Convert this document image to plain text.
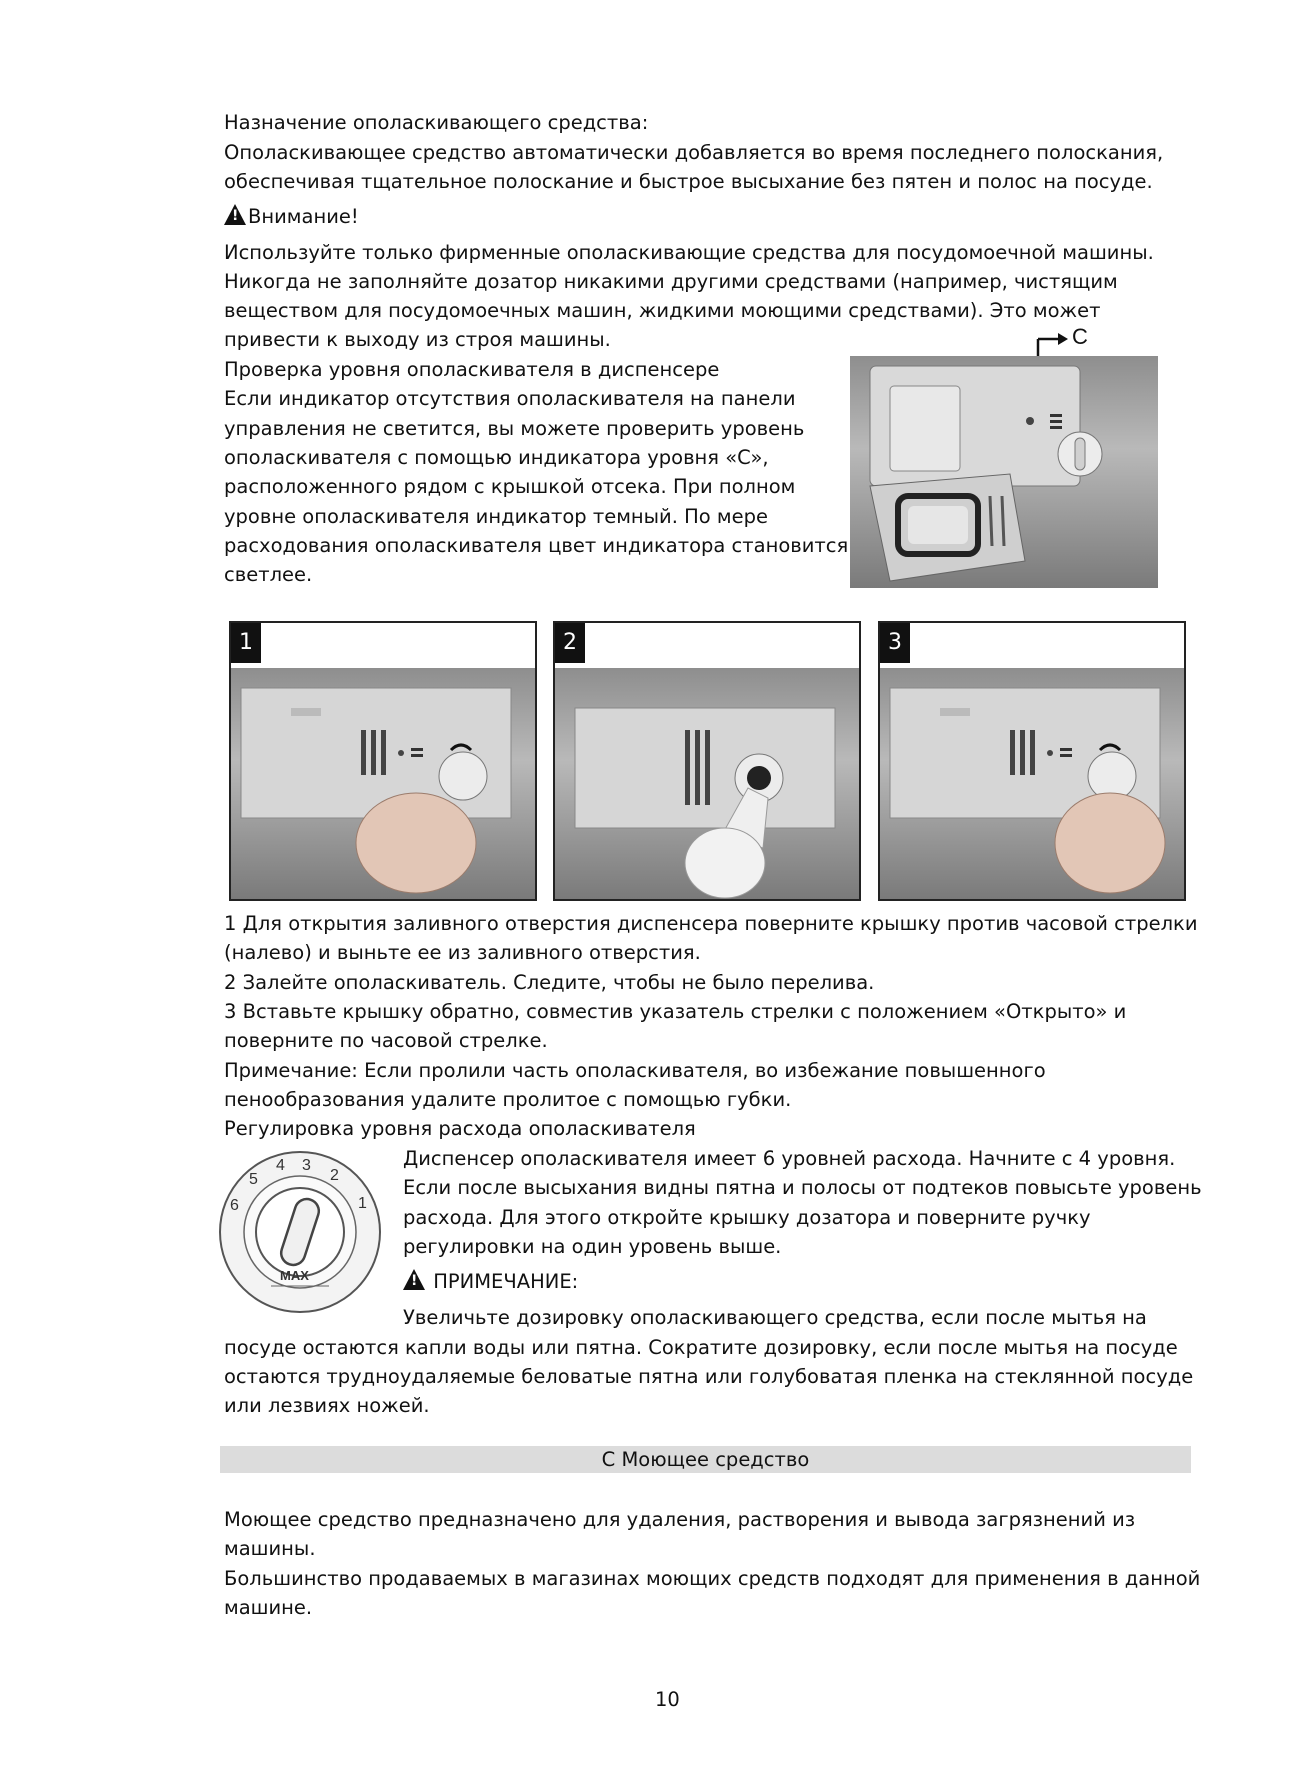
Назначение ополаскивающего средства:
Ополаскивающее средство автоматически добавляется во время последнего полоскания,
обеспечивая тщательное полоскание и быстрое высыхание без пятен и полос на посуде.
!Внимание!
Используйте только фирменные ополаскивающие средства для посудомоечной машины.
Никогда не заполняйте дозатор никакими другими средствами (например, чистящим
веществом для посудомоечных машин, жидкими моющими средствами). Это может
привести к выходу из строя машины.
Проверка уровня ополаскивателя в диспенсере
Если индикатор отсутствия ополаскивателя на панели
управления не светится, вы можете проверить уровень
ополаскивателя с помощью индикатора уровня «C»,
расположенного рядом с крышкой отсека. При полном
уровне ополаскивателя индикатор темный. По мере
расходования ополаскивателя цвет индикатора становится
светлее.
C
1	2	3
1 Для открытия заливного отверстия диспенсера поверните крышку против часовой стрелки
(налево) и выньте ее из заливного отверстия.
2 Залейте ополаскиватель. Следите, чтобы не было перелива.
3 Вставьте крышку обратно, совместив указатель стрелки с положением «Открыто» и
поверните по часовой стрелке.
Примечание: Если пролили часть ополаскивателя, во избежание повышенного
пенообразования удалите пролитое с помощью губки.
Регулировка уровня расхода ополаскивателя
4 3
2
1
5
6
MAX
Диспенсер ополаскивателя имеет 6 уровней расхода. Начните с 4 уровня.
Если после высыхания видны пятна и полосы от подтеков повысьте уровень
расхода. Для этого откройте крышку дозатора и поверните ручку
регулировки на один уровень выше.
! ПРИМЕЧАНИЕ:
Увеличьте дозировку ополаскивающего средства, если после мытья на
посуде остаются капли воды или пятна. Сократите дозировку, если после мытья на посуде
остаются трудноудаляемые беловатые пятна или голубоватая пленка на стеклянной посуде
или лезвиях ножей.
С Моющее средство
Моющее средство предназначено для удаления, растворения и вывода загрязнений из
машины.
Большинство продаваемых в магазинах моющих средств подходят для применения в данной
машине.
10
